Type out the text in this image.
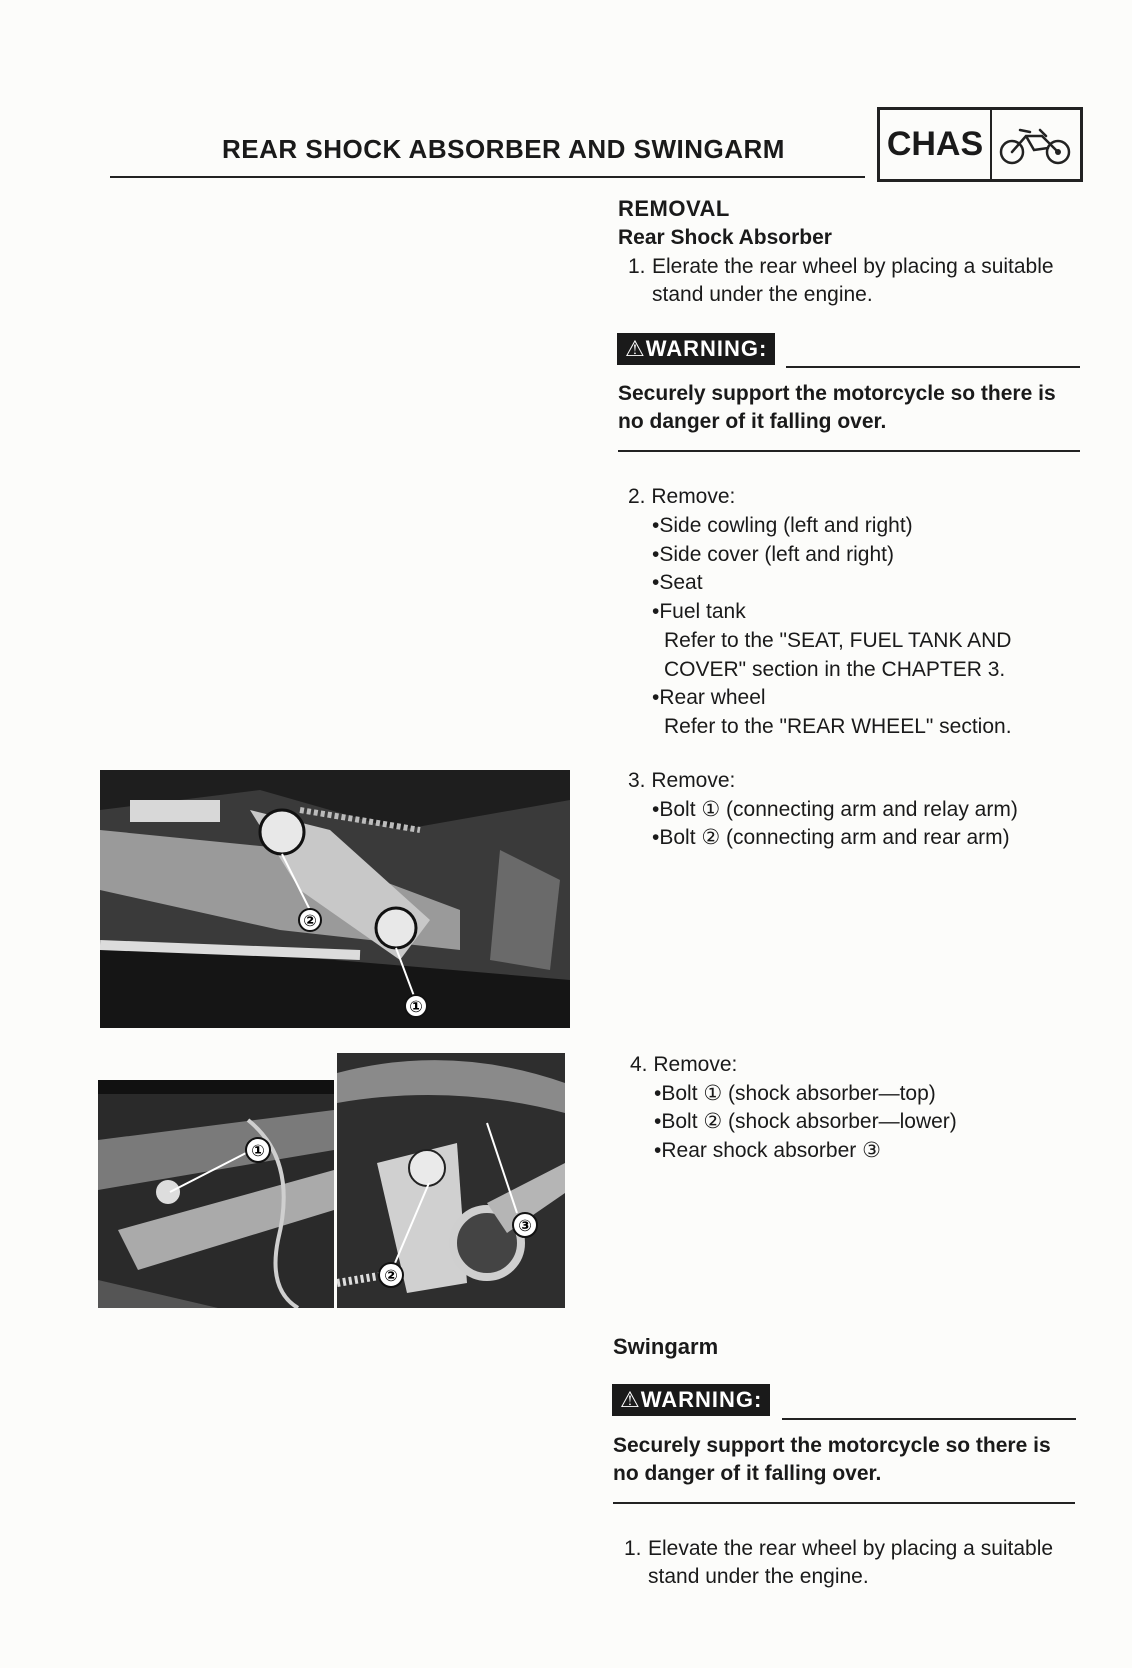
REAR SHOCK ABSORBER AND SWINGARM	CHAS
REMOVAL
Rear Shock Absorber
1. Elerate the rear wheel by placing a suitable
stand under the engine.
⚠WARNING:
Securely support the motorcycle so there is
no danger of it falling over.
2. Remove:
•Side cowling (left and right)
•Side cover (left and right)
•Seat
•Fuel tank
Refer to the "SEAT, FUEL TANK AND
COVER" section in the CHAPTER 3.
•Rear wheel
Refer to the "REAR WHEEL" section.
3. Remove:
•Bolt ① (connecting arm and relay arm)
•Bolt ② (connecting arm and rear arm)
②
①
4. Remove:
•Bolt ① (shock absorber—top)
•Bolt ② (shock absorber—lower)
•Rear shock absorber ③
①
②
③
Swingarm
⚠WARNING:
Securely support the motorcycle so there is
no danger of it falling over.
1. Elevate the rear wheel by placing a suitable
stand under the engine.
